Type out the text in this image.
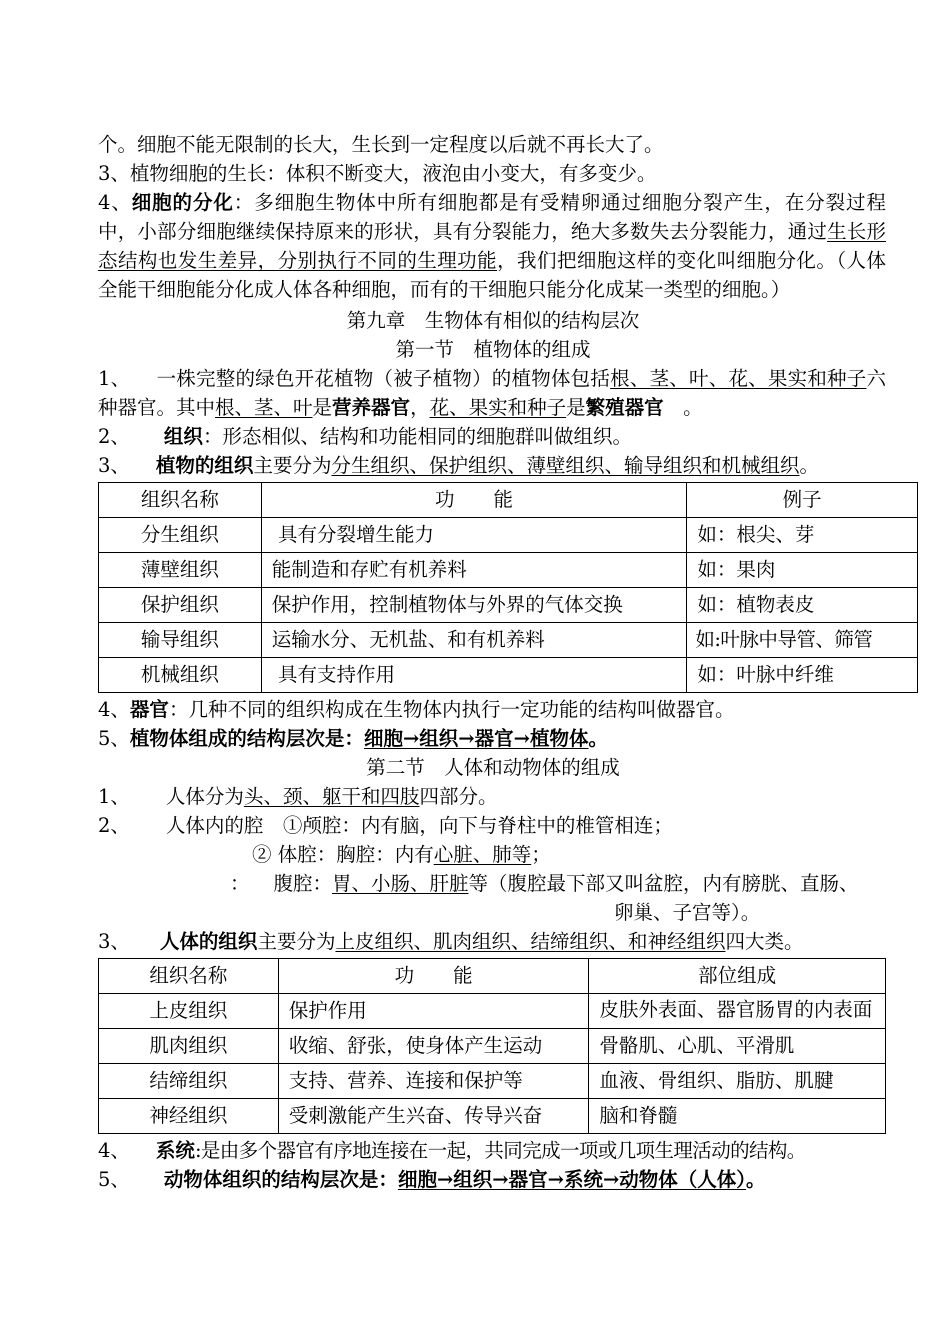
个。细胞不能无限制的长大，生长到一定程度以后就不再长大了。
3、植物细胞的生长：体积不断变大，液泡由小变大，有多变少。
4、细胞的分化：多细胞生物体中所有细胞都是有受精卵通过细胞分裂产生，在分裂过程中，小部分细胞继续保持原来的形状，具有分裂能力，绝大多数失去分裂能力，通过生长形态结构也发生差异，分别执行不同的生理功能，我们把细胞这样的变化叫细胞分化。（人体全能干细胞能分化成人体各种细胞，而有的干细胞只能分化成某一类型的细胞。）
第九章　生物体有相似的结构层次
第一节　植物体的组成
1、 一株完整的绿色开花植物（被子植物）的植物体包括根、茎、叶、花、果实和种子六种器官。其中根、茎、叶是营养器官，花、果实和种子是繁殖器官　。
2、 组织：形态相似、结构和功能相同的细胞群叫做组织。
3、 植物的组织主要分为分生组织、保护组织、薄壁组织、输导组织和机械组织。
组织名称	功　　能	例子
分生组织	具有分裂增生能力	如：根尖、芽
薄壁组织	能制造和存贮有机养料	如：果肉
保护组织	保护作用，控制植物体与外界的气体交换	如：植物表皮
输导组织	运输水分、无机盐、和有机养料	如:叶脉中导管、筛管
机械组织	具有支持作用	如：叶脉中纤维
4、器官：几种不同的组织构成在生物体内执行一定功能的结构叫做器官。
5、植物体组成的结构层次是：细胞→组织→器官→植物体。
第二节　人体和动物体的组成
1、 人体分为头、颈、躯干和四肢四部分。
2、 人体内的腔　①颅腔：内有脑，向下与脊柱中的椎管相连；
② 体腔：胸腔：内有心脏、肺等；
： 腹腔：胃、小肠、肝脏等（腹腔最下部又叫盆腔，内有膀胱、直肠、
卵巢、子宫等）。
3、 人体的组织主要分为上皮组织、肌肉组织、结缔组织、和神经组织四大类。
组织名称	功　　能	部位组成
上皮组织	保护作用	皮肤外表面、器官肠胃的内表面
肌肉组织	收缩、舒张，使身体产生运动	骨骼肌、心肌、平滑肌
结缔组织	支持、营养、连接和保护等	血液、骨组织、脂肪、肌腱
神经组织	受刺激能产生兴奋、传导兴奋	脑和脊髓
4、 系统:是由多个器官有序地连接在一起，共同完成一项或几项生理活动的结构。
5、 动物体组织的结构层次是：细胞→组织→器官→系统→动物体（人体）。
